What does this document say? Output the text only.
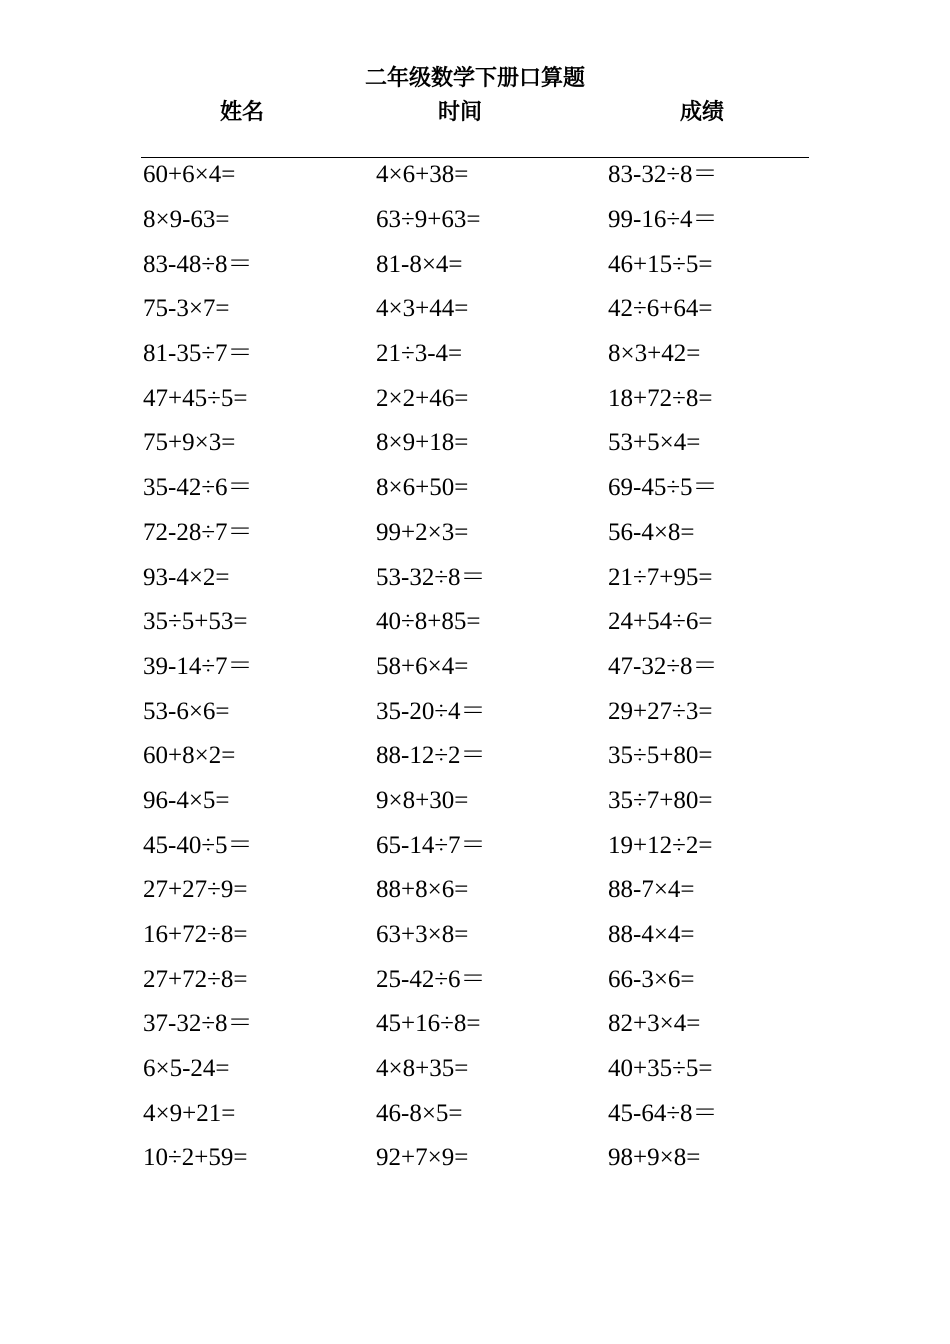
二年级数学下册口算题
姓名	时间	成绩
60+6×4=	4×6+38=	83-32÷8＝
8×9-63=	63÷9+63=	99-16÷4＝
83-48÷8＝	81-8×4=	46+15÷5=
75-3×7=	4×3+44=	42÷6+64=
81-35÷7＝	21÷3-4=	8×3+42=
47+45÷5=	2×2+46=	18+72÷8=
75+9×3=	8×9+18=	53+5×4=
35-42÷6＝	8×6+50=	69-45÷5＝
72-28÷7＝	99+2×3=	56-4×8=
93-4×2=	53-32÷8＝	21÷7+95=
35÷5+53=	40÷8+85=	24+54÷6=
39-14÷7＝	58+6×4=	47-32÷8＝
53-6×6=	35-20÷4＝	29+27÷3=
60+8×2=	88-12÷2＝	35÷5+80=
96-4×5=	9×8+30=	35÷7+80=
45-40÷5＝	65-14÷7＝	19+12÷2=
27+27÷9=	88+8×6=	88-7×4=
16+72÷8=	63+3×8=	88-4×4=
27+72÷8=	25-42÷6＝	66-3×6=
37-32÷8＝	45+16÷8=	82+3×4=
6×5-24=	4×8+35=	40+35÷5=
4×9+21=	46-8×5=	45-64÷8＝
10÷2+59=	92+7×9=	98+9×8=
